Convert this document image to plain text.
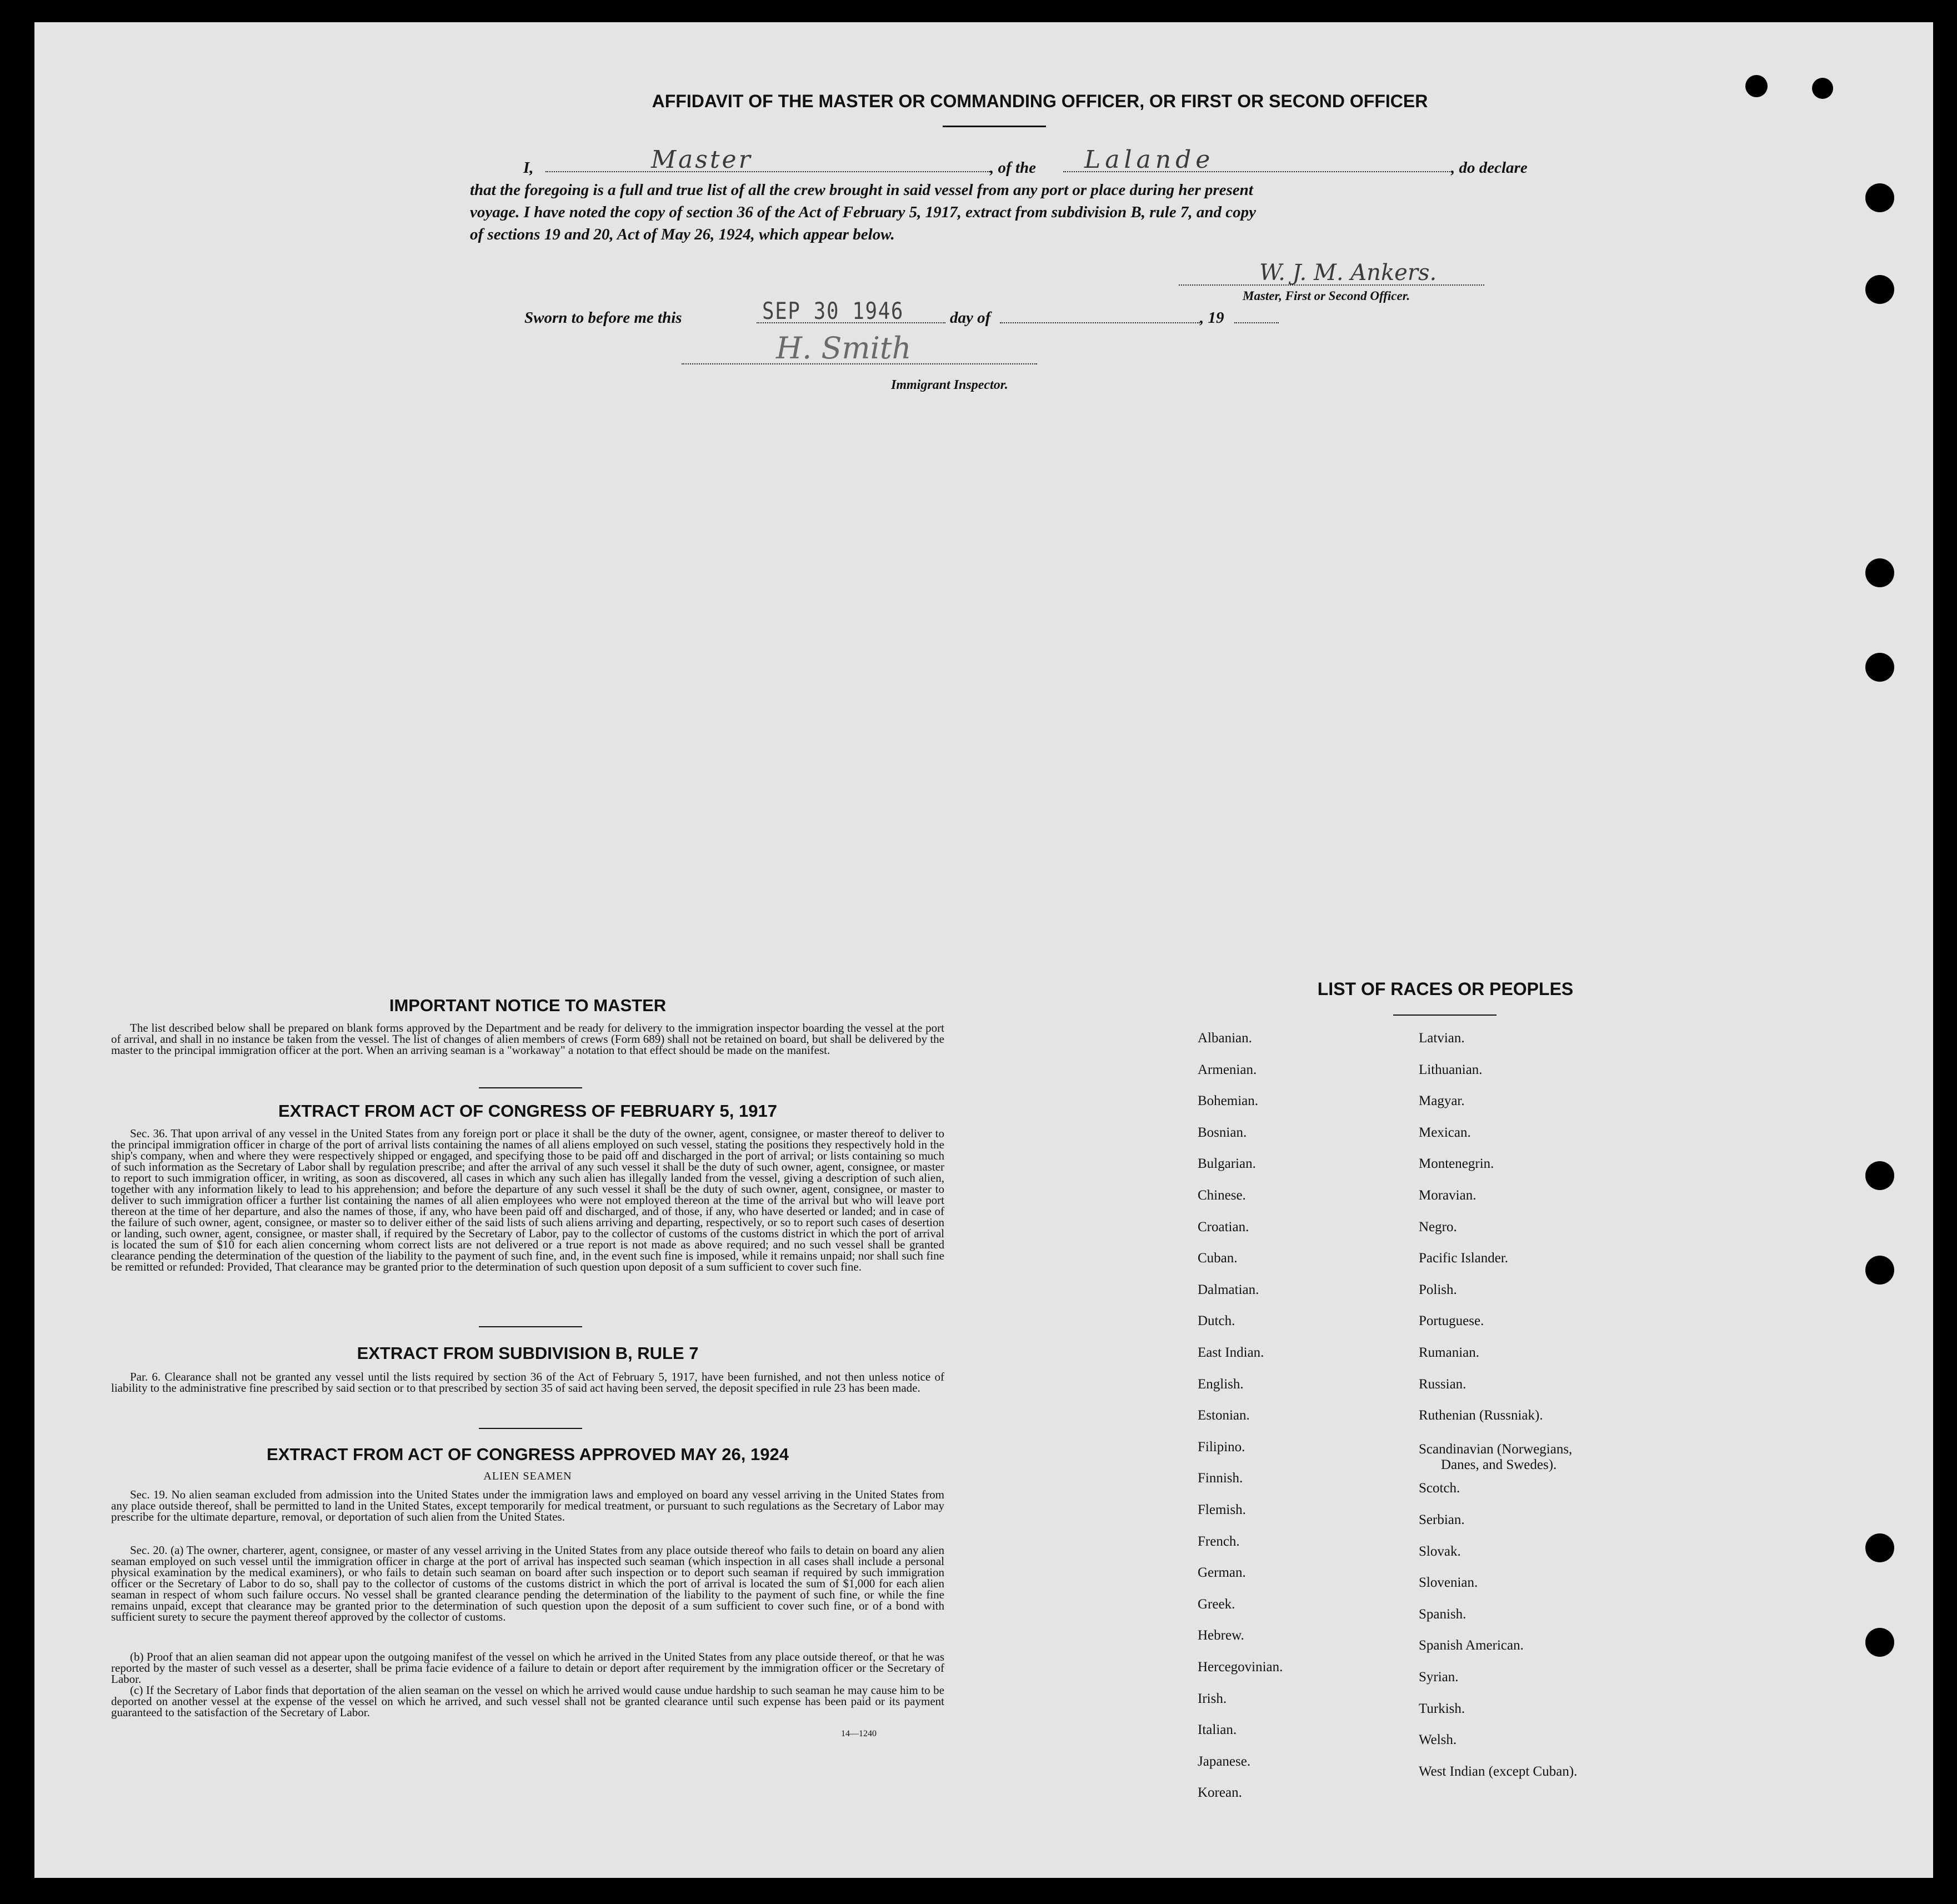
AFFIDAVIT OF THE MASTER OR COMMANDING OFFICER, OR FIRST OR SECOND OFFICER
I,	Master	, of the Lalande	, do declare
that the foregoing is a full and true list of all the crew brought in said vessel from any port or place during her present
voyage. I have noted the copy of section 36 of the Act of February 5, 1917, extract from subdivision B, rule 7, and copy
of sections 19 and 20, Act of May 26, 1924, which appear below.
W. J. M. Ankers.
Master, First or Second Officer.
Sworn to before me this	SEP 30 1946	day of	, 19
H. Smith
Immigrant Inspector.
IMPORTANT NOTICE TO MASTER
The list described below shall be prepared on blank forms approved by the Department and be ready for delivery to the immigration inspector boarding the vessel at the port of arrival, and shall in no instance be taken from the vessel. The list of changes of alien members of crews (Form 689) shall not be retained on board, but shall be delivered by the master to the principal immigration officer at the port. When an arriving seaman is a "workaway" a notation to that effect should be made on the manifest.
EXTRACT FROM ACT OF CONGRESS OF FEBRUARY 5, 1917
Sec. 36. That upon arrival of any vessel in the United States from any foreign port or place it shall be the duty of the owner, agent, consignee, or master thereof to deliver to the principal immigration officer in charge of the port of arrival lists containing the names of all aliens employed on such vessel, stating the positions they respectively hold in the ship's company, when and where they were respectively shipped or engaged, and specifying those to be paid off and discharged in the port of arrival; or lists containing so much of such information as the Secretary of Labor shall by regulation prescribe; and after the arrival of any such vessel it shall be the duty of such owner, agent, consignee, or master to report to such immigration officer, in writing, as soon as discovered, all cases in which any such alien has illegally landed from the vessel, giving a description of such alien, together with any information likely to lead to his apprehension; and before the departure of any such vessel it shall be the duty of such owner, agent, consignee, or master to deliver to such immigration officer a further list containing the names of all alien employees who were not employed thereon at the time of the arrival but who will leave port thereon at the time of her departure, and also the names of those, if any, who have been paid off and discharged, and of those, if any, who have deserted or landed; and in case of the failure of such owner, agent, consignee, or master so to deliver either of the said lists of such aliens arriving and departing, respectively, or so to report such cases of desertion or landing, such owner, agent, consignee, or master shall, if required by the Secretary of Labor, pay to the collector of customs of the customs district in which the port of arrival is located the sum of $10 for each alien concerning whom correct lists are not delivered or a true report is not made as above required; and no such vessel shall be granted clearance pending the determination of the question of the liability to the payment of such fine, and, in the event such fine is imposed, while it remains unpaid; nor shall such fine be remitted or refunded: Provided, That clearance may be granted prior to the determination of such question upon deposit of a sum sufficient to cover such fine.
EXTRACT FROM SUBDIVISION B, RULE 7
Par. 6. Clearance shall not be granted any vessel until the lists required by section 36 of the Act of February 5, 1917, have been furnished, and not then unless notice of liability to the administrative fine prescribed by said section or to that prescribed by section 35 of said act having been served, the deposit specified in rule 23 has been made.
EXTRACT FROM ACT OF CONGRESS APPROVED MAY 26, 1924
ALIEN SEAMEN
Sec. 19. No alien seaman excluded from admission into the United States under the immigration laws and employed on board any vessel arriving in the United States from any place outside thereof, shall be permitted to land in the United States, except temporarily for medical treatment, or pursuant to such regulations as the Secretary of Labor may prescribe for the ultimate departure, removal, or deportation of such alien from the United States.
Sec. 20. (a) The owner, charterer, agent, consignee, or master of any vessel arriving in the United States from any place outside thereof who fails to detain on board any alien seaman employed on such vessel until the immigration officer in charge at the port of arrival has inspected such seaman (which inspection in all cases shall include a personal physical examination by the medical examiners), or who fails to detain such seaman on board after such inspection or to deport such seaman if required by such immigration officer or the Secretary of Labor to do so, shall pay to the collector of customs of the customs district in which the port of arrival is located the sum of $1,000 for each alien seaman in respect of whom such failure occurs. No vessel shall be granted clearance pending the determination of the liability to the payment of such fine, or while the fine remains unpaid, except that clearance may be granted prior to the determination of such question upon the deposit of a sum sufficient to cover such fine, or of a bond with sufficient surety to secure the payment thereof approved by the collector of customs.
(b) Proof that an alien seaman did not appear upon the outgoing manifest of the vessel on which he arrived in the United States from any place outside thereof, or that he was reported by the master of such vessel as a deserter, shall be prima facie evidence of a failure to detain or deport after requirement by the immigration officer or the Secretary of Labor.
(c) If the Secretary of Labor finds that deportation of the alien seaman on the vessel on which he arrived would cause undue hardship to such seaman he may cause him to be deported on another vessel at the expense of the vessel on which he arrived, and such vessel shall not be granted clearance until such expense has been paid or its payment guaranteed to the satisfaction of the Secretary of Labor.
14—1240
LIST OF RACES OR PEOPLES
Albanian.
Armenian.
Bohemian.
Bosnian.
Bulgarian.
Chinese.
Croatian.
Cuban.
Dalmatian.
Dutch.
East Indian.
English.
Estonian.
Filipino.
Finnish.
Flemish.
French.
German.
Greek.
Hebrew.
Hercegovinian.
Irish.
Italian.
Japanese.
Korean.
Latvian.
Lithuanian.
Magyar.
Mexican.
Montenegrin.
Moravian.
Negro.
Pacific Islander.
Polish.
Portuguese.
Rumanian.
Russian.
Ruthenian (Russniak).
Scandinavian (Norwegians,
Danes, and Swedes).
Scotch.
Serbian.
Slovak.
Slovenian.
Spanish.
Spanish American.
Syrian.
Turkish.
Welsh.
West Indian (except Cuban).
